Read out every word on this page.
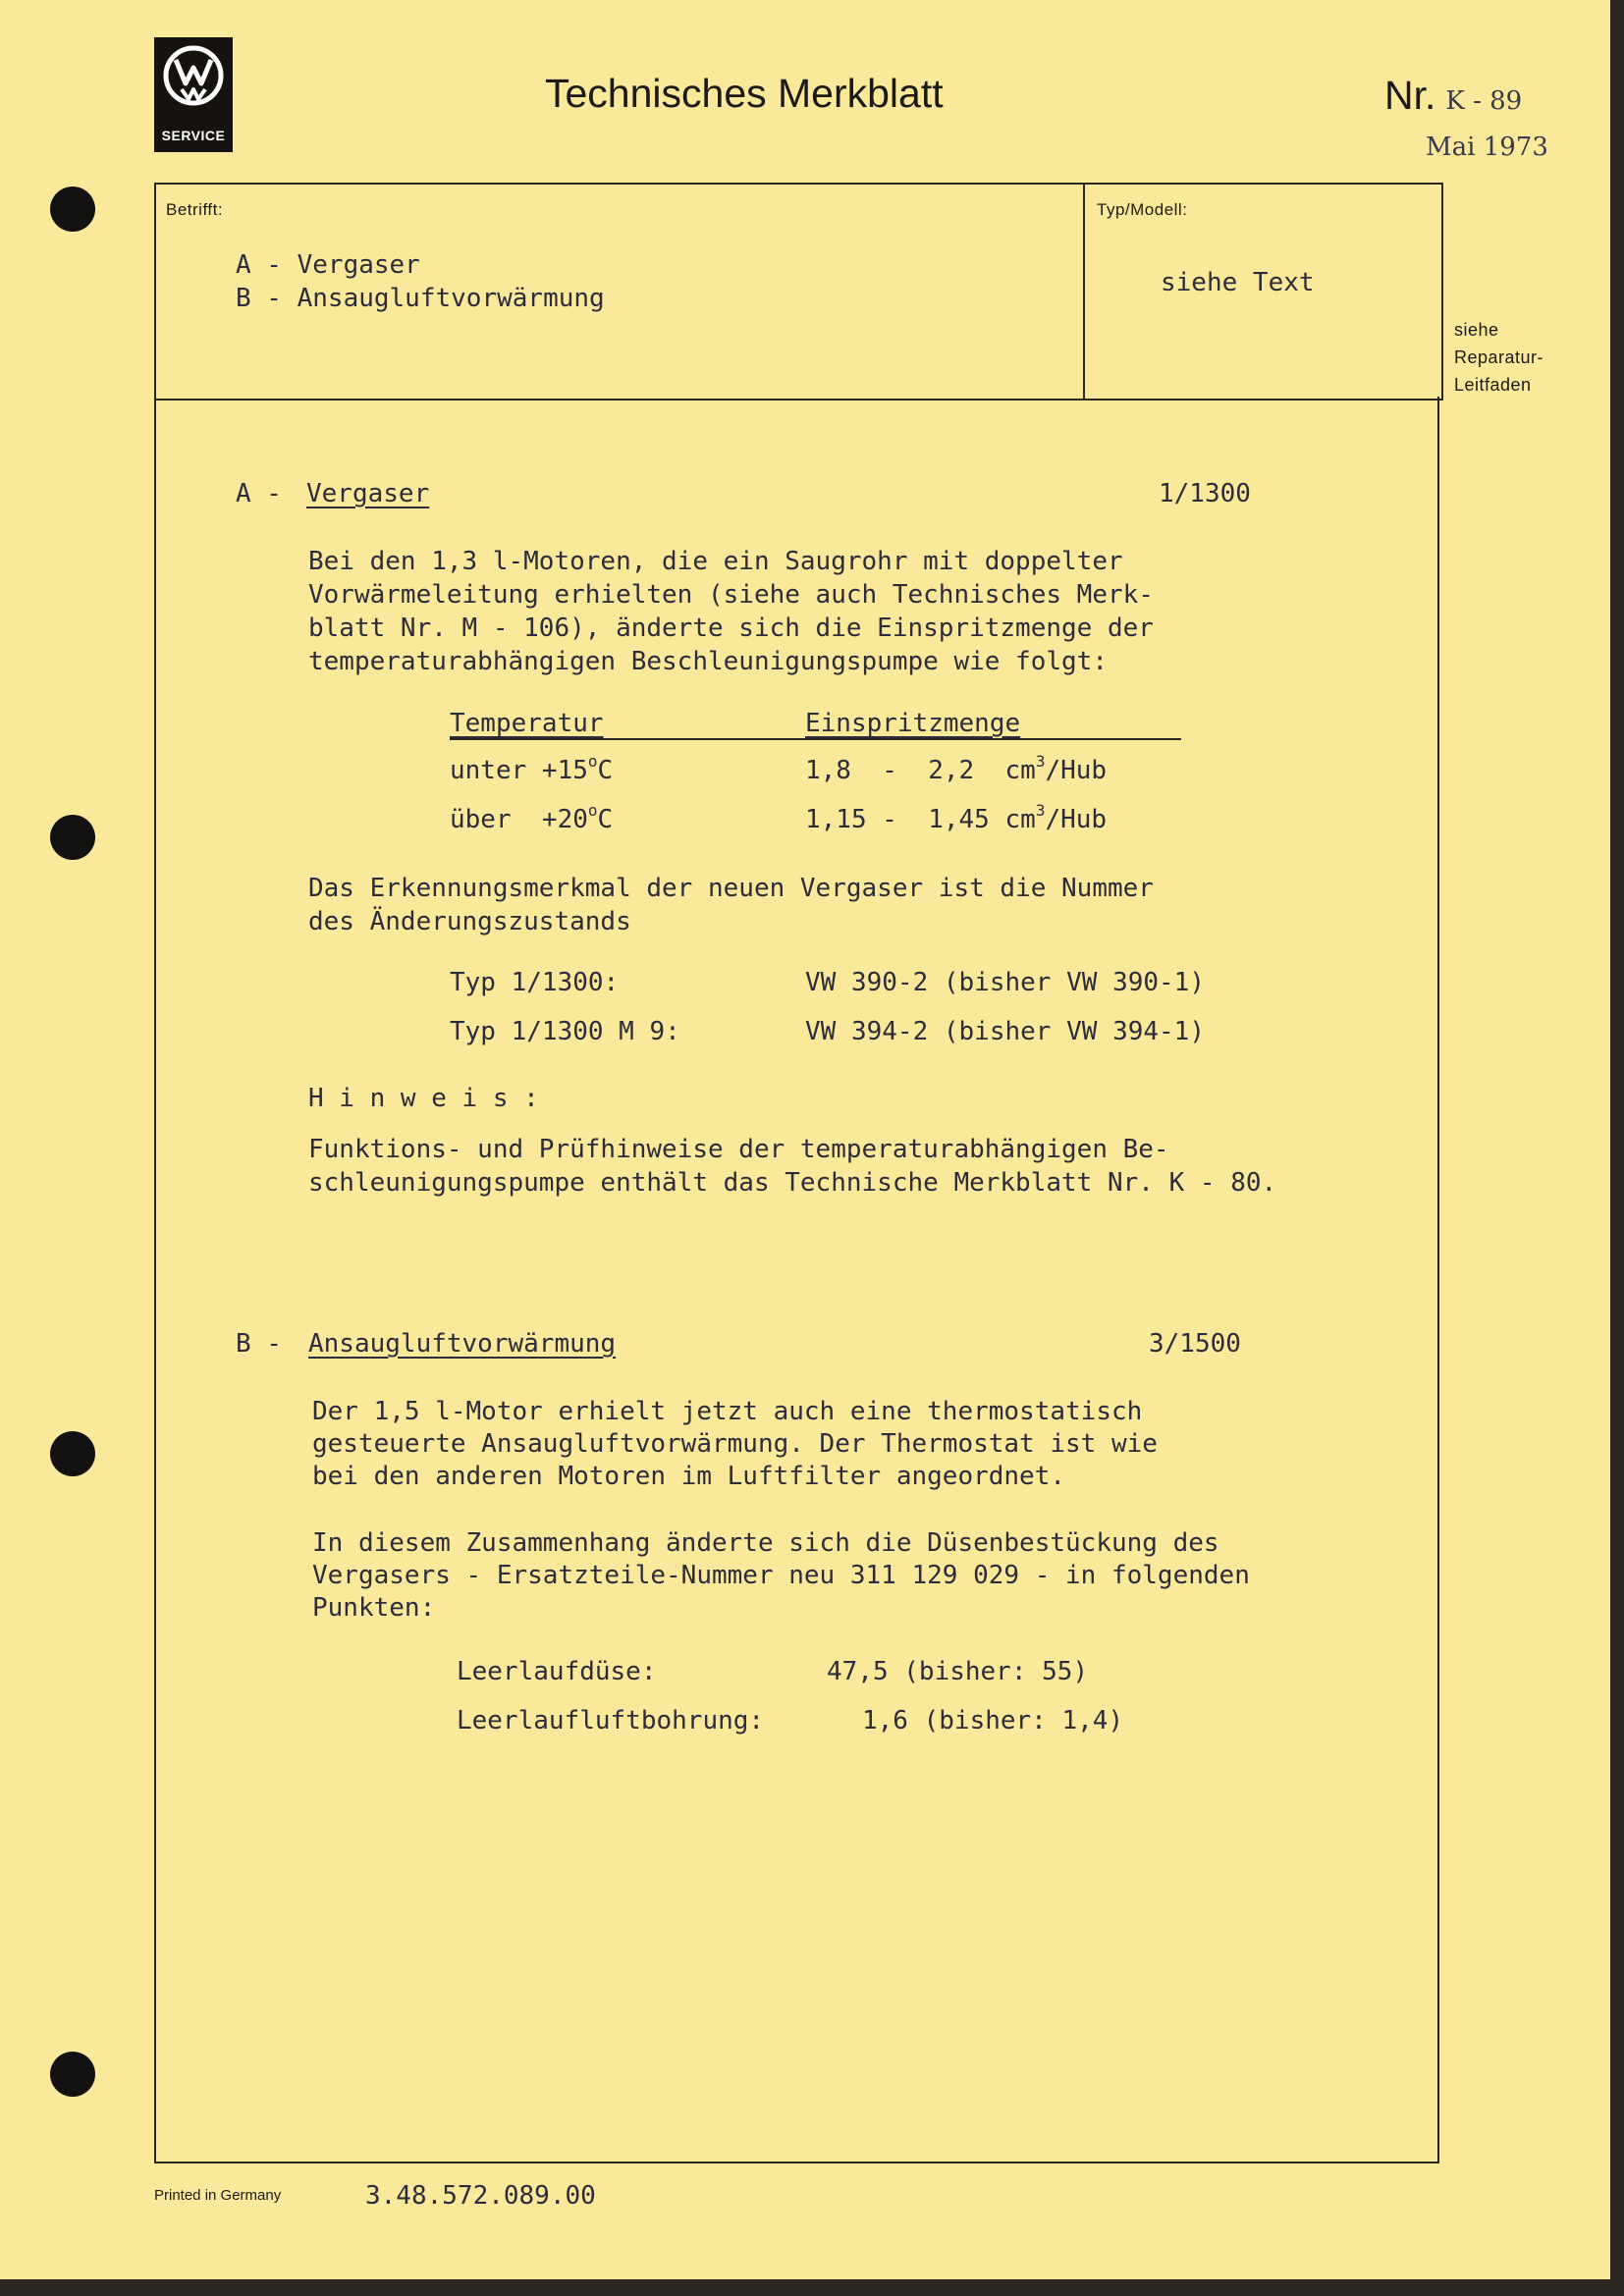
SERVICE
Technisches Merkblatt	Nr. K - 89
Mai 1973
Betrifft:
A - Vergaser
B - Ansaugluftvorwärmung
Typ/Modell:
siehe Text
siehe
Reparatur-
Leitfaden
A - Vergaser	1/1300
Bei den 1,3 l-Motoren, die ein Saugrohr mit doppelter
Vorwärmeleitung erhielten (siehe auch Technisches Merk-
blatt Nr. M - 106), änderte sich die Einspritzmenge der
temperaturabhängigen Beschleunigungspumpe wie folgt:
Temperatur	Einspritzmenge
unter $+15^oC$	1,8  -  2,2  $cm^3$/Hub
über  $+20^oC$	1,15 -  1,45 $cm^3$/Hub
Das Erkennungsmerkmal der neuen Vergaser ist die Nummer
des Änderungszustands
Typ 1/1300:	VW 390-2 (bisher VW 390-1)
Typ 1/1300 M 9:	VW 394-2 (bisher VW 394-1)
H i n w e i s :
Funktions- und Prüfhinweise der temperaturabhängigen Be-
schleunigungspumpe enthält das Technische Merkblatt Nr. K - 80.
B - Ansaugluftvorwärmung	3/1500
Der 1,5 l-Motor erhielt jetzt auch eine thermostatisch
gesteuerte Ansaugluftvorwärmung. Der Thermostat ist wie
bei den anderen Motoren im Luftfilter angeordnet.
In diesem Zusammenhang änderte sich die Düsenbestückung des
Vergasers - Ersatzteile-Nummer neu 311 129 029 - in folgenden
Punkten:
Leerlaufdüse:	47,5 (bisher: 55)
Leerlaufluftbohrung:	1,6 (bisher: 1,4)
Printed in Germany	3.48.572.089.00
